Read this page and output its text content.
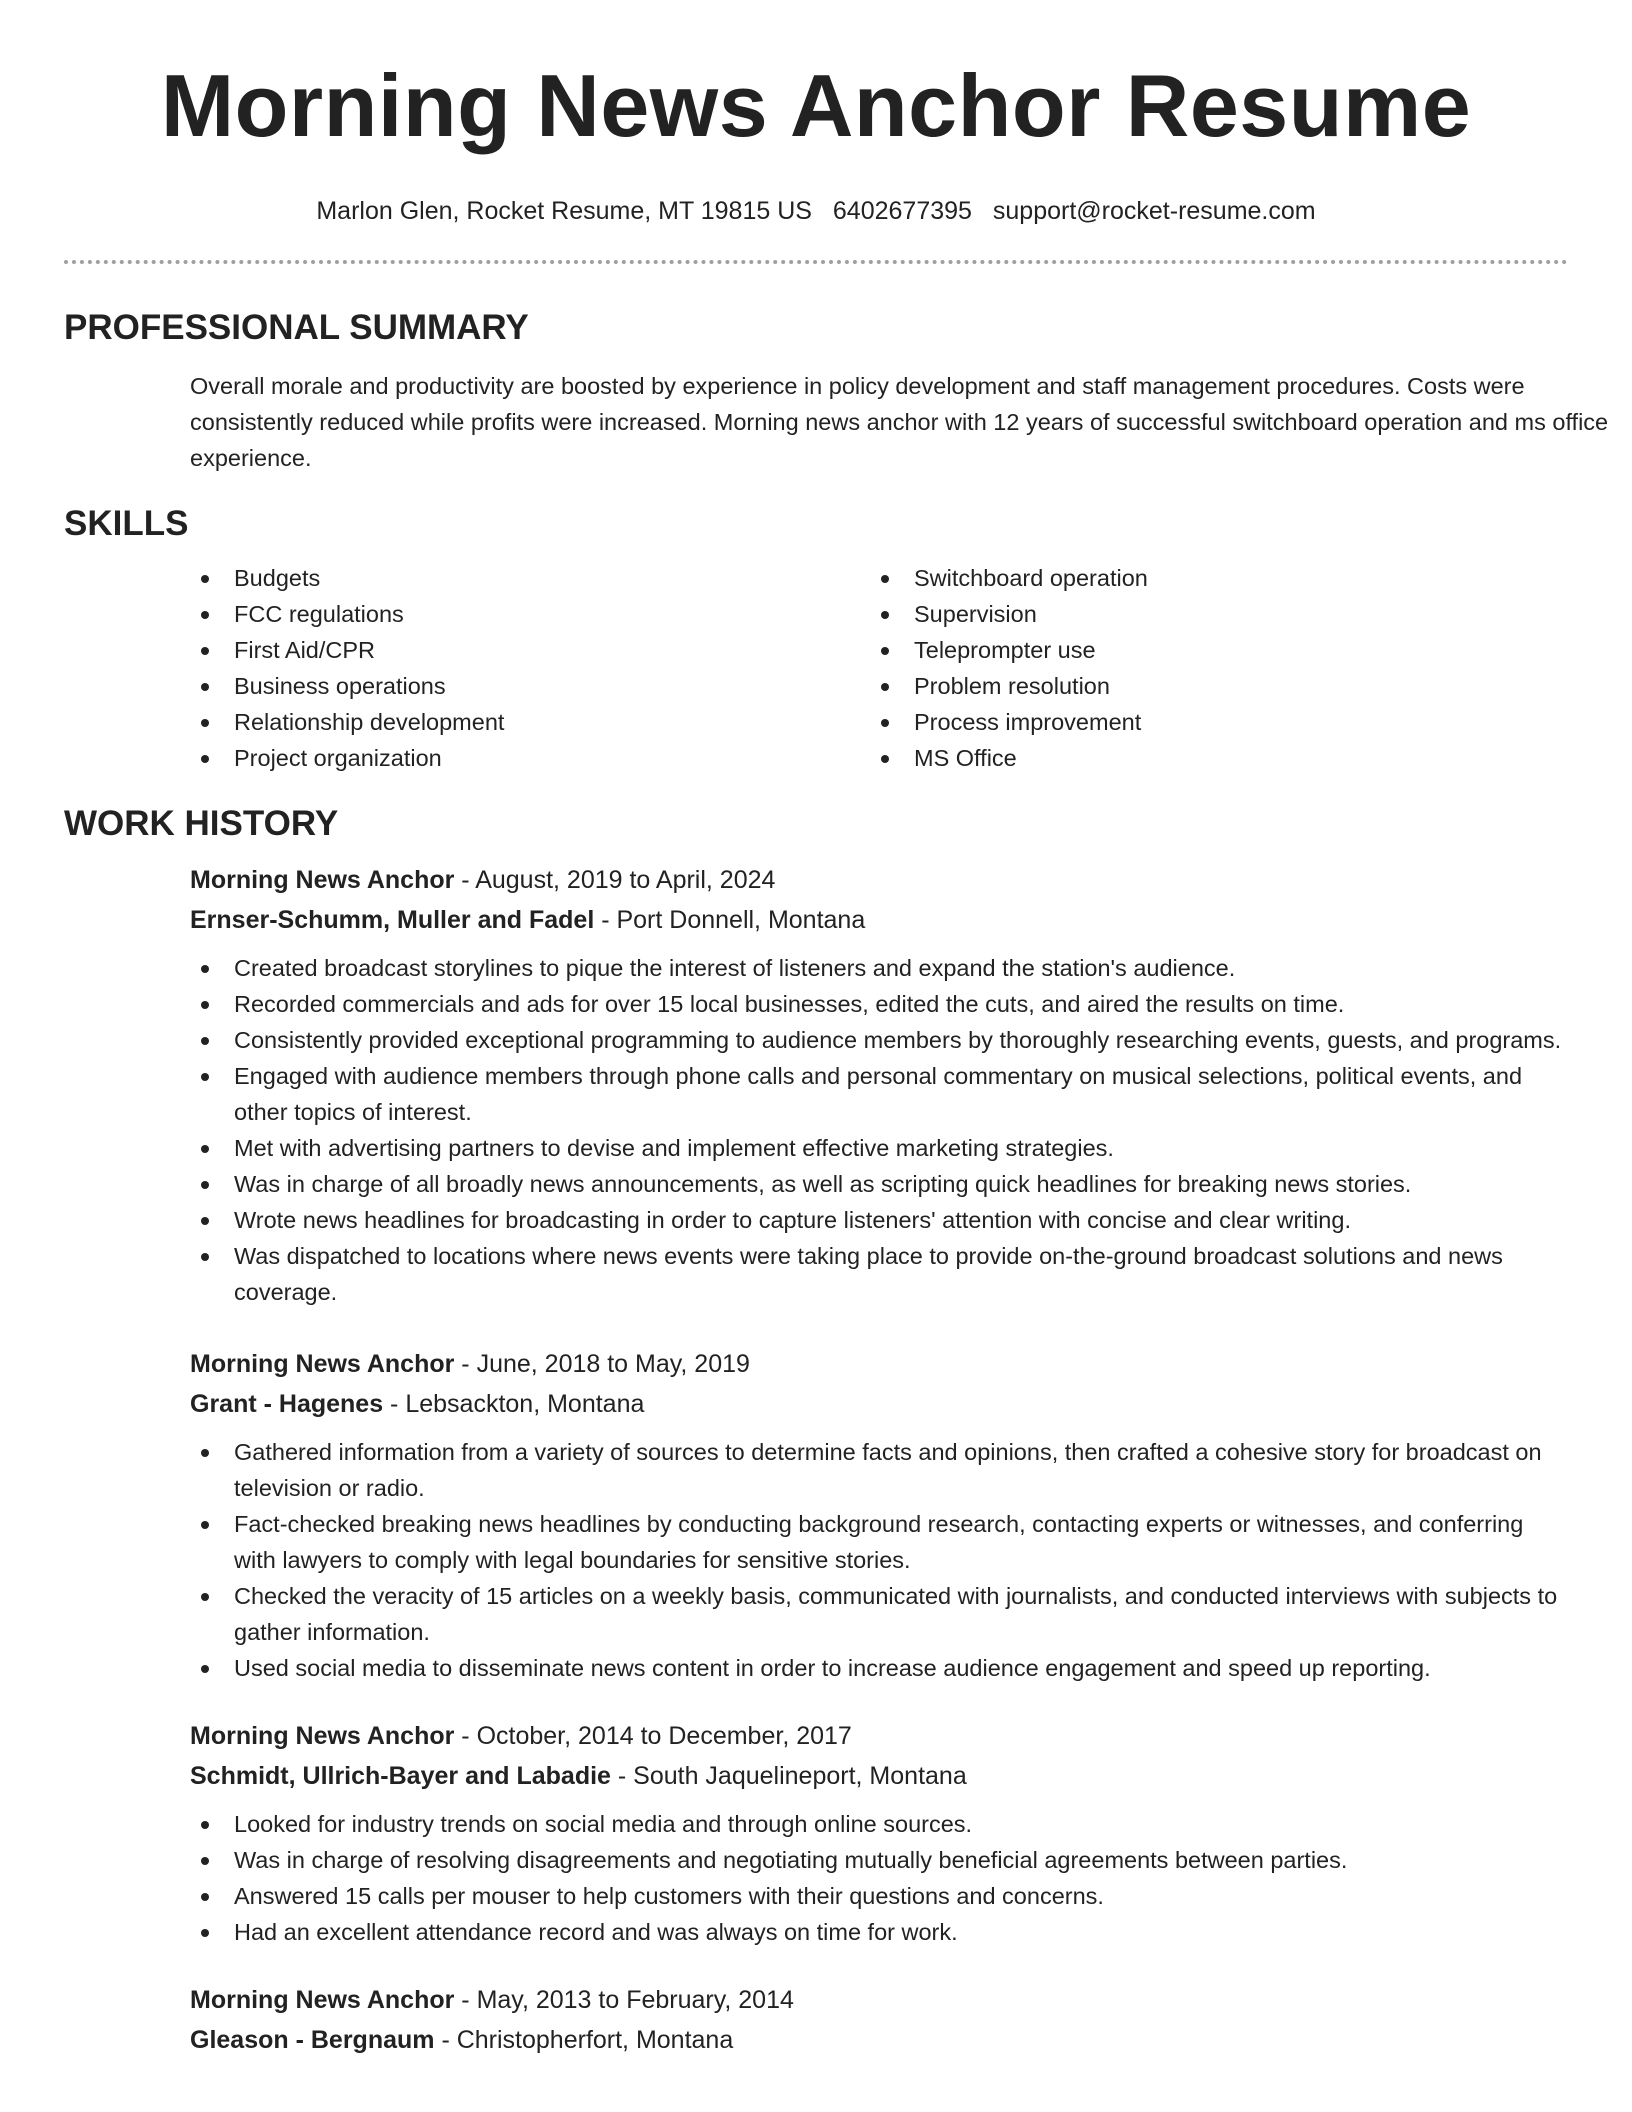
Morning News Anchor Resume
Marlon Glen, Rocket Resume, MT 19815 US 6402677395 support@rocket-resume.com
PROFESSIONAL SUMMARY
Overall morale and productivity are boosted by experience in policy development and staff management procedures. Costs were consistently reduced while profits were increased. Morning news anchor with 12 years of successful switchboard operation and ms office experience.
SKILLS
Budgets
FCC regulations
First Aid/CPR
Business operations
Relationship development
Project organization
Switchboard operation
Supervision
Teleprompter use
Problem resolution
Process improvement
MS Office
WORK HISTORY
Morning News Anchor - August, 2019 to April, 2024
Ernser-Schumm, Muller and Fadel - Port Donnell, Montana
Created broadcast storylines to pique the interest of listeners and expand the station's audience.
Recorded commercials and ads for over 15 local businesses, edited the cuts, and aired the results on time.
Consistently provided exceptional programming to audience members by thoroughly researching events, guests, and programs.
Engaged with audience members through phone calls and personal commentary on musical selections, political events, and other topics of interest.
Met with advertising partners to devise and implement effective marketing strategies.
Was in charge of all broadly news announcements, as well as scripting quick headlines for breaking news stories.
Wrote news headlines for broadcasting in order to capture listeners' attention with concise and clear writing.
Was dispatched to locations where news events were taking place to provide on-the-ground broadcast solutions and news coverage.
Morning News Anchor - June, 2018 to May, 2019
Grant - Hagenes - Lebsackton, Montana
Gathered information from a variety of sources to determine facts and opinions, then crafted a cohesive story for broadcast on television or radio.
Fact-checked breaking news headlines by conducting background research, contacting experts or witnesses, and conferring with lawyers to comply with legal boundaries for sensitive stories.
Checked the veracity of 15 articles on a weekly basis, communicated with journalists, and conducted interviews with subjects to gather information.
Used social media to disseminate news content in order to increase audience engagement and speed up reporting.
Morning News Anchor - October, 2014 to December, 2017
Schmidt, Ullrich-Bayer and Labadie - South Jaquelineport, Montana
Looked for industry trends on social media and through online sources.
Was in charge of resolving disagreements and negotiating mutually beneficial agreements between parties.
Answered 15 calls per mouser to help customers with their questions and concerns.
Had an excellent attendance record and was always on time for work.
Morning News Anchor - May, 2013 to February, 2014
Gleason - Bergnaum - Christopherfort, Montana
